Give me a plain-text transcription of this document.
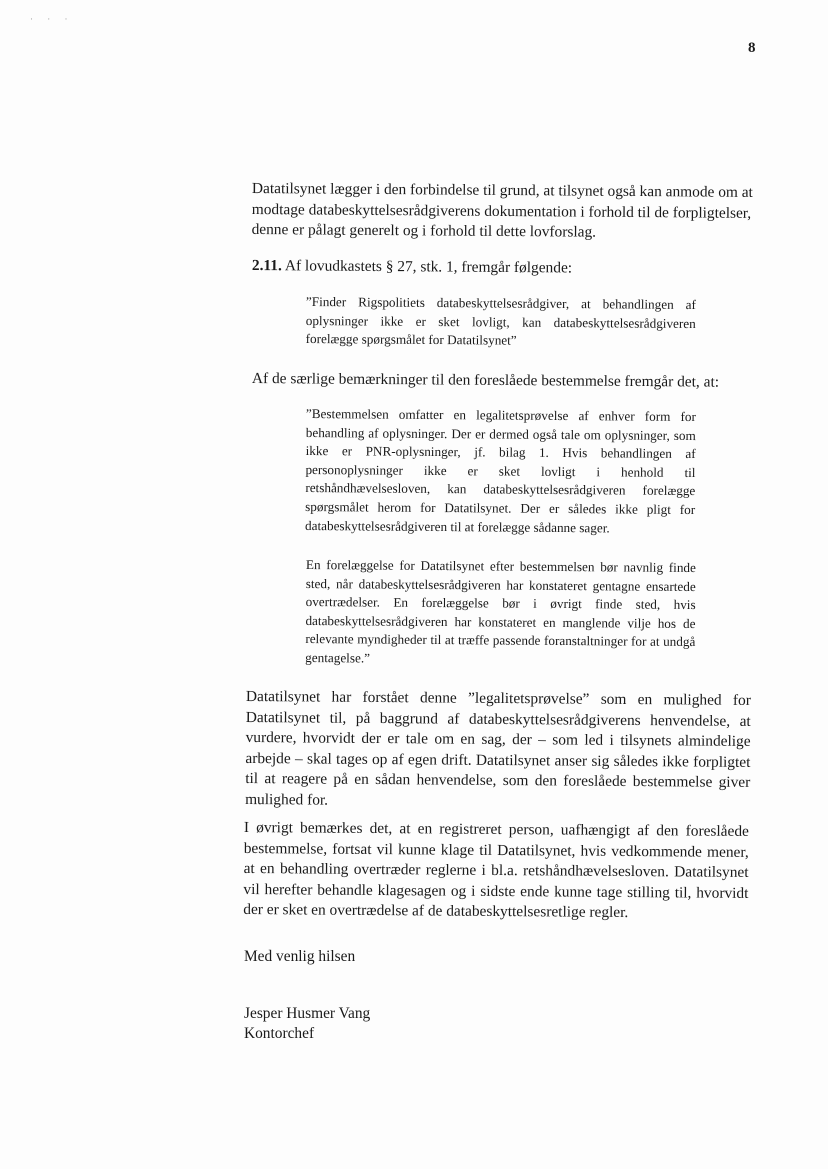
· · ·
8

Datatilsynet lægger i den forbindelse til grund, at tilsynet også kan anmode om at modtage databeskyttelsesrådgiverens dokumentation i forhold til de forpligtelser, denne er pålagt generelt og i forhold til dette lovforslag.

2.11. Af lovudkastets § 27, stk. 1, fremgår følgende:

”Finder Rigspolitiets databeskyttelsesrådgiver, at behandlingen af oplysninger ikke er sket lovligt, kan databeskyttelsesrådgiveren forelægge spørgsmålet for Datatilsynet”

Af de særlige bemærkninger til den foreslåede bestemmelse fremgår det, at:

”Bestemmelsen omfatter en legalitetsprøvelse af enhver form for behandling af oplysninger. Der er dermed også tale om oplysninger, som ikke er PNR-oplysninger, jf. bilag 1. Hvis behandlingen af personoplysninger ikke er sket lovligt i henhold til retshåndhævelsesloven, kan databeskyttelsesrådgiveren forelægge spørgsmålet herom for Datatilsynet. Der er således ikke pligt for databeskyttelsesrådgiveren til at forelægge sådanne sager.

En forelæggelse for Datatilsynet efter bestemmelsen bør navnlig finde sted, når databeskyttelsesrådgiveren har konstateret gentagne ensartede overtrædelser. En forelæggelse bør i øvrigt finde sted, hvis databeskyttelsesrådgiveren har konstateret en manglende vilje hos de relevante myndigheder til at træffe passende foranstaltninger for at undgå gentagelse.”

Datatilsynet har forstået denne ”legalitetsprøvelse” som en mulighed for Datatilsynet til, på baggrund af databeskyttelsesrådgiverens henvendelse, at vurdere, hvorvidt der er tale om en sag, der – som led i tilsynets almindelige arbejde – skal tages op af egen drift. Datatilsynet anser sig således ikke forpligtet til at reagere på en sådan henvendelse, som den foreslåede bestemmelse giver mulighed for.

I øvrigt bemærkes det, at en registreret person, uafhængigt af den foreslåede bestemmelse, fortsat vil kunne klage til Datatilsynet, hvis vedkommende mener, at en behandling overtræder reglerne i bl.a. retshåndhævelsesloven. Datatilsynet vil herefter behandle klagesagen og i sidste ende kunne tage stilling til, hvorvidt der er sket en overtrædelse af de databeskyttelsesretlige regler.

Med venlig hilsen

Jesper Husmer Vang

Kontorchef
